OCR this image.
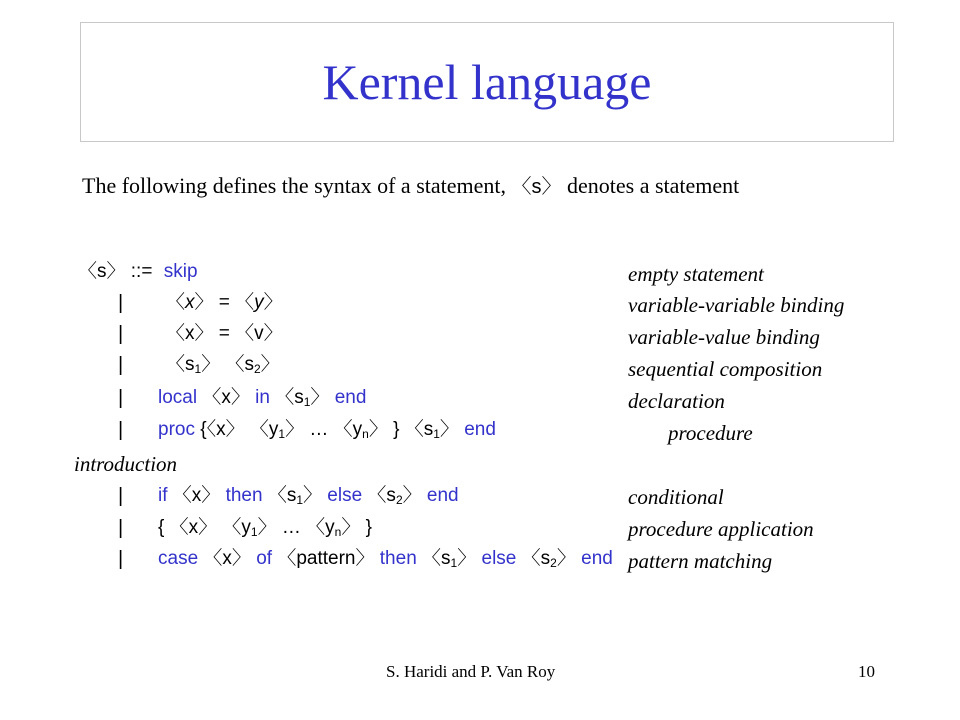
Kernel language
The following defines the syntax of a statement, 〈s〉 denotes a statement
〈s〉 ::= skip
| 〈x〉 = 〈y〉
| 〈x〉 = 〈v〉
| 〈$s_1$〉 〈$s_2$〉
| local 〈x〉 in 〈$s_1$〉 end
| proc {〈x〉 〈$y_1$〉 … 〈$y_n$〉 } 〈$s_1$〉 end
| if 〈x〉 then 〈$s_1$〉 else 〈$s_2$〉 end
| { 〈x〉 〈$y_1$〉 … 〈$y_n$〉 }
| case 〈x〉 of 〈pattern〉 then 〈$s_1$〉 else 〈$s_2$〉 end
empty statement
variable-variable binding
variable-value binding
sequential composition
declaration
procedure
introduction
conditional
procedure application
pattern matching
S. Haridi and P. Van Roy	10
